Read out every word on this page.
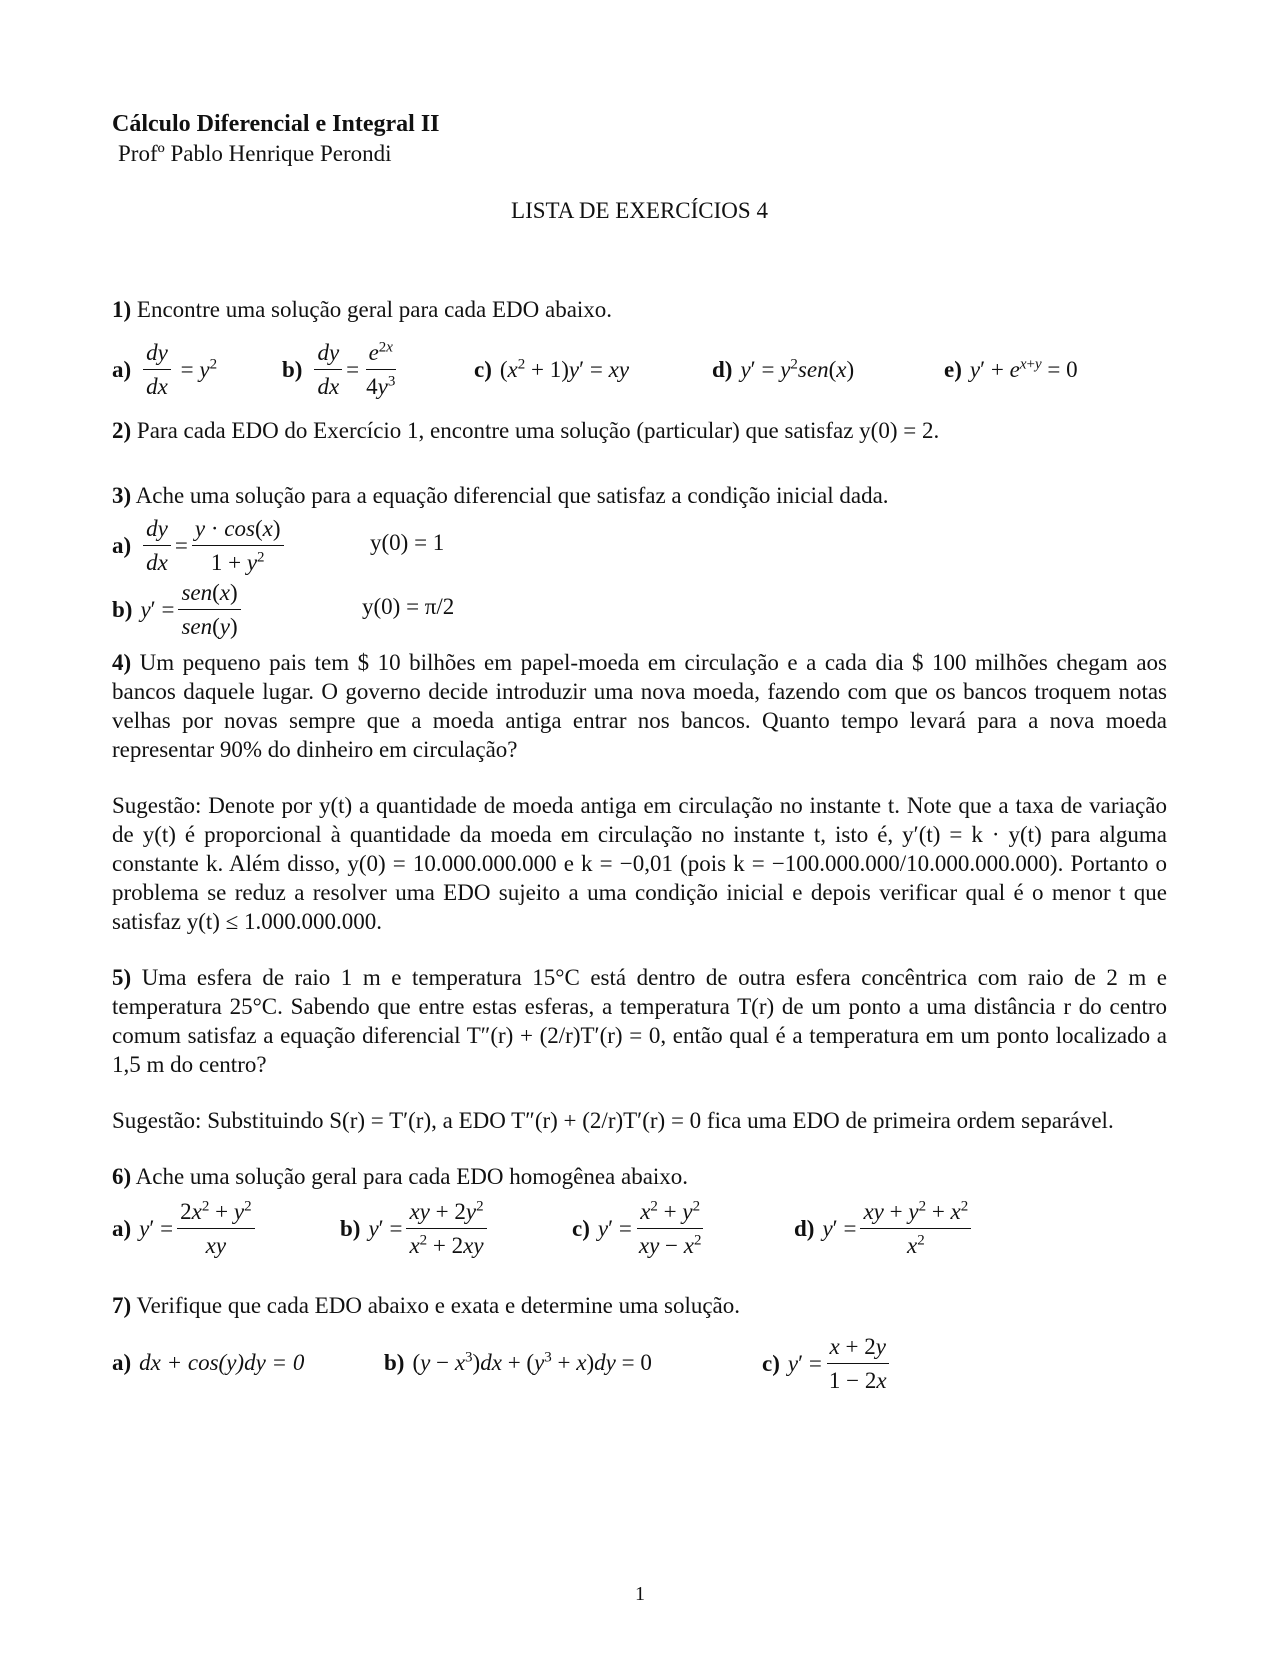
Cálculo Diferencial e Integral II

Profº Pablo Henrique Perondi

LISTA DE EXERCÍCIOS 4

1) Encontre uma solução geral para cada EDO abaixo.

$a) \frac{dy}{dx} = y^2$	$b) \frac{dy}{dx} = \frac{e^{2x}}{4y^3}$	c) $(x^2 + 1)y'$ = xy	d) $y' = y^2sen(x)$	e) $y' + e^{x+y} = 0$

2) Para cada EDO do Exercício 1, encontre uma solução (particular) que satisfaz y(0) = 2.

3) Ache uma solução para a equação diferencial que satisfaz a condição inicial dada.

$a) \frac{dy}{dx} = \frac{y \cdot \cos(x)}{1 + y^2}$	y(0) = 1
b) $y' = \frac{\text{sen(x)}}{\text{sen(y)}}$	y(0) = π/2

4) Um pequeno pais tem $ 10 bilhões em papel-moeda em circulação e a cada dia $ 100 milhões chegam aos bancos daquele lugar. O governo decide introduzir uma nova moeda, fazendo com que os bancos troquem notas velhas por novas sempre que a moeda antiga entrar nos bancos. Quanto tempo levará para a nova moeda representar 90% do dinheiro em circulação?

Sugestão: Denote por y(t) a quantidade de moeda antiga em circulação no instante t. Note que a taxa de variação de y(t) é proporcional à quantidade da moeda em circulação no instante t, isto é, y′(t) = k · y(t) para alguma constante k. Além disso, y(0) = 10.000.000.000 e k = −0,01 (pois k = −100.000.000/10.000.000.000). Portanto o problema se reduz a resolver uma EDO sujeito a uma condição inicial e depois verificar qual é o menor t que satisfaz y(t) ≤ 1.000.000.000.

5) Uma esfera de raio 1 m e temperatura 15°C está dentro de outra esfera concêntrica com raio de 2 m e temperatura 25°C. Sabendo que entre estas esferas, a temperatura T(r) de um ponto a uma distância r do centro comum satisfaz a equação diferencial T″(r) + (2/r)T′(r) = 0, então qual é a temperatura em um ponto localizado a 1,5 m do centro?

Sugestão: Substituindo S(r) = T′(r), a EDO T″(r) + (2/r)T′(r) = 0 fica uma EDO de primeira ordem separável.

6) Ache uma solução geral para cada EDO homogênea abaixo.

a) $y' = \frac{2x^2 + y^2}{xy}$	b) $y' = \frac{xy + 2y^2}{x^2 + 2xy}$	c) $y' = \frac{x^2 + y^2}{xy - x^2}$	d) $y' = \frac{xy + y^2 + x^2}{x^2}$

7) Verifique que cada EDO abaixo e exata e determine uma solução.

a) dx + cos(y)dy = 0	b) $(y - x^3)dx + (y^3 + x)dy = 0$	c) $y' = \frac{x + 2y}{1 - 2x}$
1
